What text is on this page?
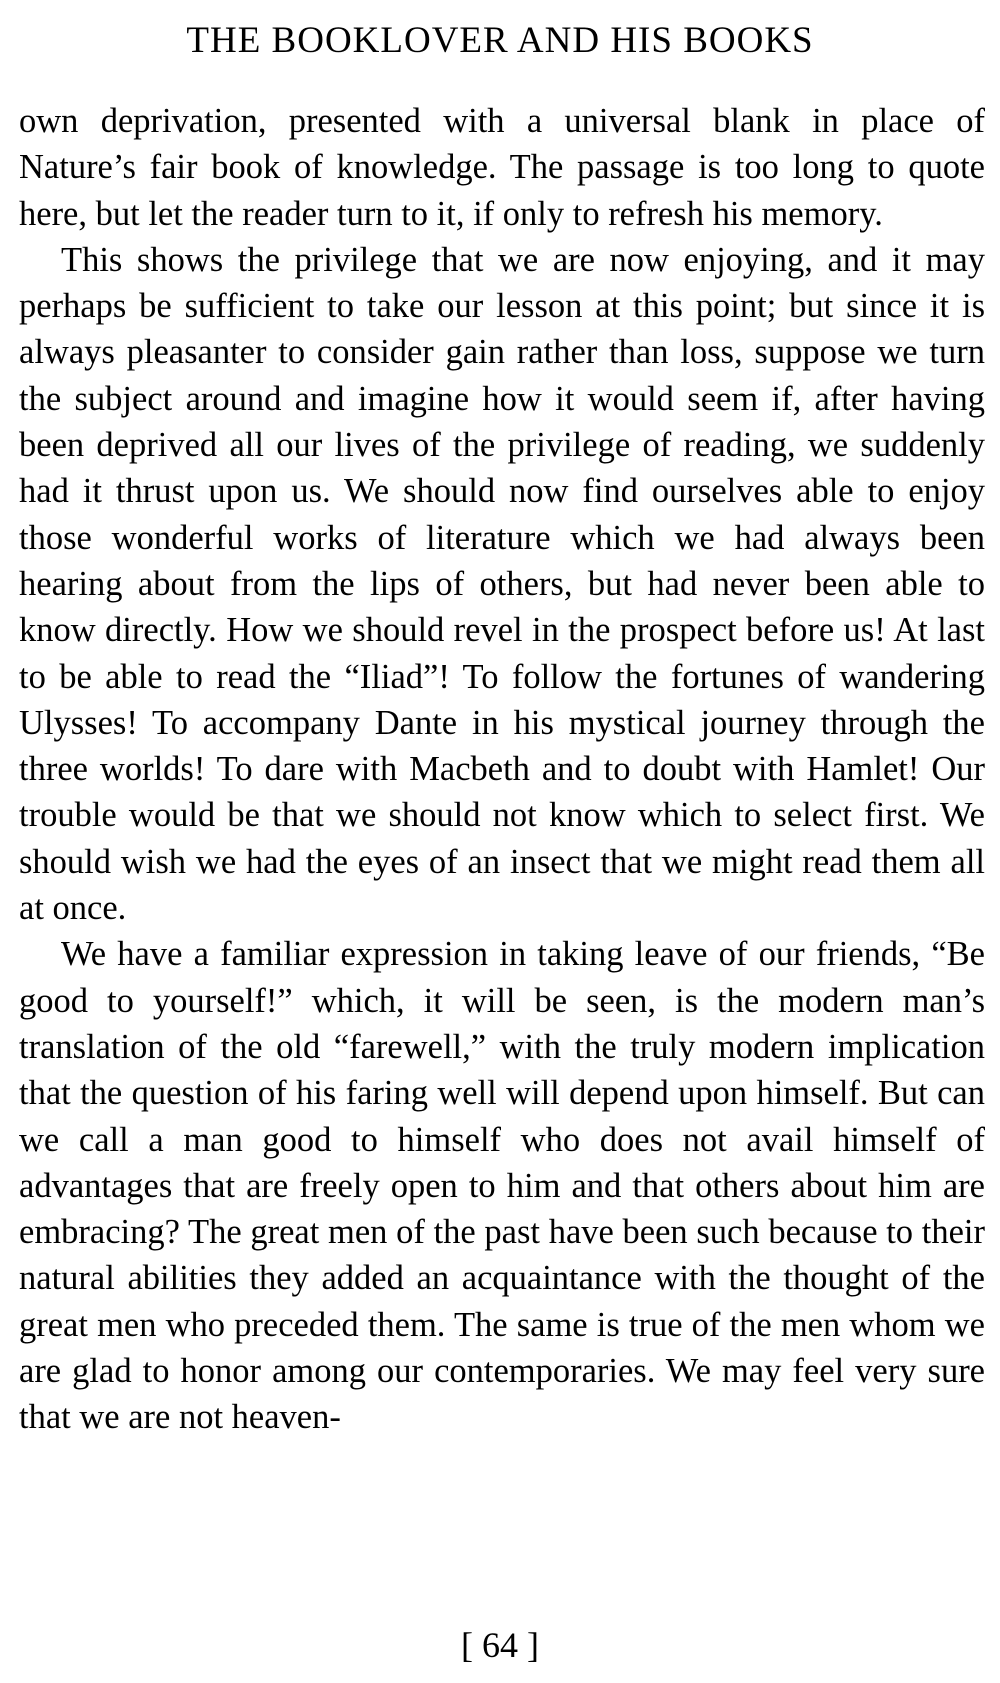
THE BOOKLOVER AND HIS BOOKS

own deprivation, presented with a universal blank in place of Nature’s fair book of knowledge. The passage is too long to quote here, but let the reader turn to it, if only to refresh his memory.

This shows the privilege that we are now enjoying, and it may perhaps be sufficient to take our lesson at this point; but since it is always pleasanter to consider gain rather than loss, suppose we turn the subject around and imagine how it would seem if, after having been deprived all our lives of the privilege of reading, we suddenly had it thrust upon us. We should now find ourselves able to enjoy those wonderful works of literature which we had always been hearing about from the lips of others, but had never been able to know directly. How we should revel in the prospect before us! At last to be able to read the “Iliad”! To follow the fortunes of wandering Ulysses! To accompany Dante in his mystical journey through the three worlds! To dare with Macbeth and to doubt with Hamlet! Our trouble would be that we should not know which to select first. We should wish we had the eyes of an insect that we might read them all at once.

We have a familiar expression in taking leave of our friends, “Be good to yourself!” which, it will be seen, is the modern man’s translation of the old “farewell,” with the truly modern implication that the question of his faring well will depend upon himself. But can we call a man good to himself who does not avail himself of advantages that are freely open to him and that others about him are embracing? The great men of the past have been such because to their natural abilities they added an acquaintance with the thought of the great men who preceded them. The same is true of the men whom we are glad to honor among our contemporaries. We may feel very sure that we are not heaven-

[ 64 ]
